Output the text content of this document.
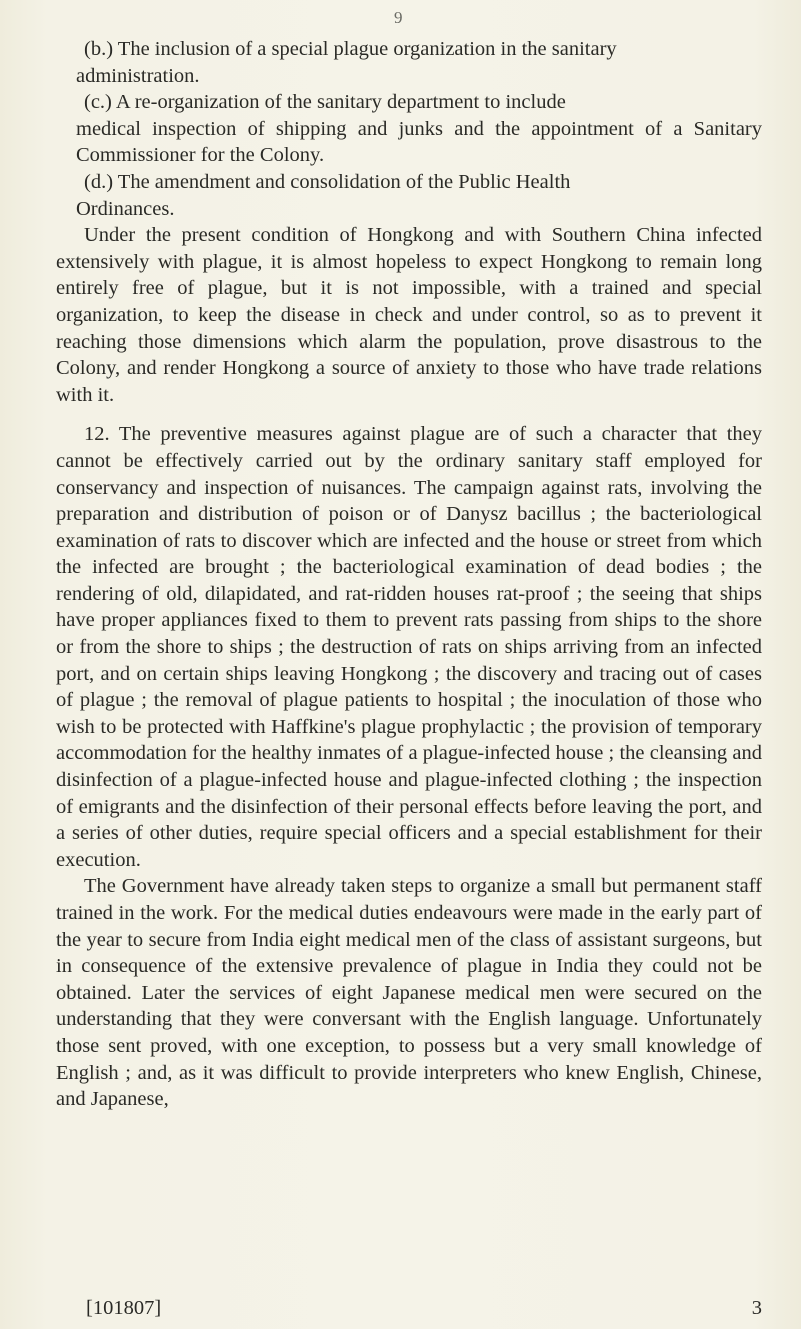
9

(b.) The inclusion of a special plague organization in the sanitary

administration.

(c.) A re-organization of the sanitary department to include

medical inspection of shipping and junks and the appointment of a Sanitary Commissioner for the Colony.

(d.) The amendment and consolidation of the Public Health

Ordinances.

Under the present condition of Hongkong and with Southern China infected extensively with plague, it is almost hopeless to expect Hongkong to remain long entirely free of plague, but it is not impossible, with a trained and special organization, to keep the disease in check and under control, so as to prevent it reaching those dimensions which alarm the population, prove disastrous to the Colony, and render Hongkong a source of anxiety to those who have trade relations with it.

12. The preventive measures against plague are of such a character that they cannot be effectively carried out by the ordinary sanitary staff employed for conservancy and inspection of nuisances. The campaign against rats, involving the preparation and distribution of poison or of Danysz bacillus ; the bacteriological examination of rats to discover which are infected and the house or street from which the infected are brought ; the bacteriological examination of dead bodies ; the rendering of old, dilapidated, and rat-ridden houses rat-proof ; the seeing that ships have proper appliances fixed to them to prevent rats passing from ships to the shore or from the shore to ships ; the destruction of rats on ships arriving from an infected port, and on certain ships leaving Hongkong ; the discovery and tracing out of cases of plague ; the removal of plague patients to hospital ; the inoculation of those who wish to be protected with Haffkine's plague prophylactic ; the provision of temporary accommodation for the healthy inmates of a plague-infected house ; the cleansing and disinfection of a plague-infected house and plague-infected clothing ; the inspection of emigrants and the disinfection of their personal effects before leaving the port, and a series of other duties, require special officers and a special establishment for their execution.

The Government have already taken steps to organize a small but permanent staff trained in the work. For the medical duties endeavours were made in the early part of the year to secure from India eight medical men of the class of assistant surgeons, but in consequence of the extensive prevalence of plague in India they could not be obtained. Later the services of eight Japanese medical men were secured on the understanding that they were conversant with the English language. Unfortunately those sent proved, with one exception, to possess but a very small knowledge of English ; and, as it was difficult to provide interpreters who knew English, Chinese, and Japanese,

[101807]	3
